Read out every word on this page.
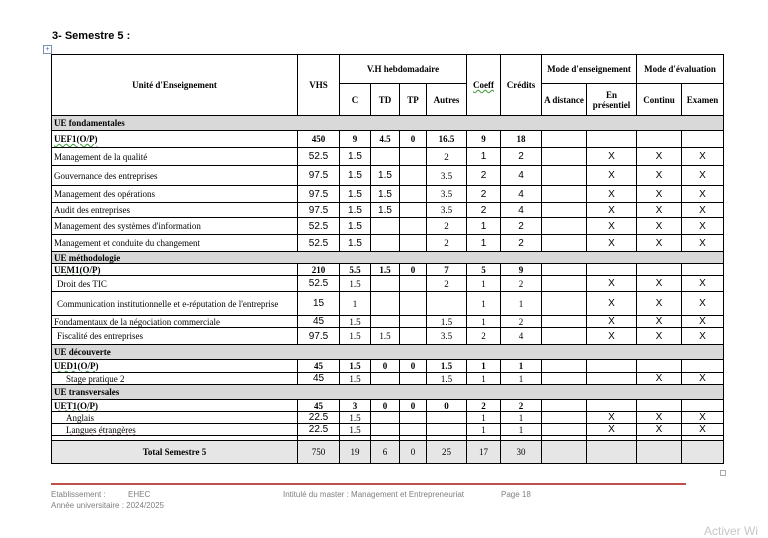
3- Semestre 5 :
+
Unité d'Enseignement	VHS	V.H hebdomadaire				Coeff	Crédits	Mode d'enseignement		Mode d'évaluation	
		C	TD	TP	Autres			A distance	En présentiel	Continu	Examen
UE fondamentales											
UEF1(O/P)	450	9	4.5	0	16.5	9	18				
Management de la qualité	52.5	1.5			2	1	2		X	X	X
Gouvernance des entreprises	97.5	1.5	1.5		3.5	2	4		X	X	X
Management des opérations	97.5	1.5	1.5		3.5	2	4		X	X	X
Audit des entreprises	97.5	1.5	1.5		3.5	2	4		X	X	X
Management des systèmes d'information	52.5	1.5			2	1	2		X	X	X
Management et conduite du changement	52.5	1.5			2	1	2		X	X	X
UE méthodologie											
UEM1(O/P)	210	5.5	1.5	0	7	5	9				
Droit des TIC	52.5	1.5			2	1	2		X	X	X
Communication institutionnelle et e-réputation de l'entreprise	15	1				1	1		X	X	X
Fondamentaux de la négociation commerciale	45	1.5			1.5	1	2		X	X	X
Fiscalité des entreprises	97.5	1.5	1.5		3.5	2	4		X	X	X
UE découverte											
UED1(O/P)	45	1.5	0	0	1.5	1	1				
Stage pratique 2	45	1.5			1.5	1	1			X	X
UE transversales											
UET1(O/P)	45	3	0	0	0	2	2				
Anglais	22.5	1.5				1	1		X	X	X
Langues étrangères	22.5	1.5				1	1		X	X	X

Total Semestre 5	750	19	6	0	25	17	30				
Etablissement :	EHEC
Année universitaire : 2024/2025
Intitulé du master : Management et Entrepreneuriat	Page 18
Activer Wi
